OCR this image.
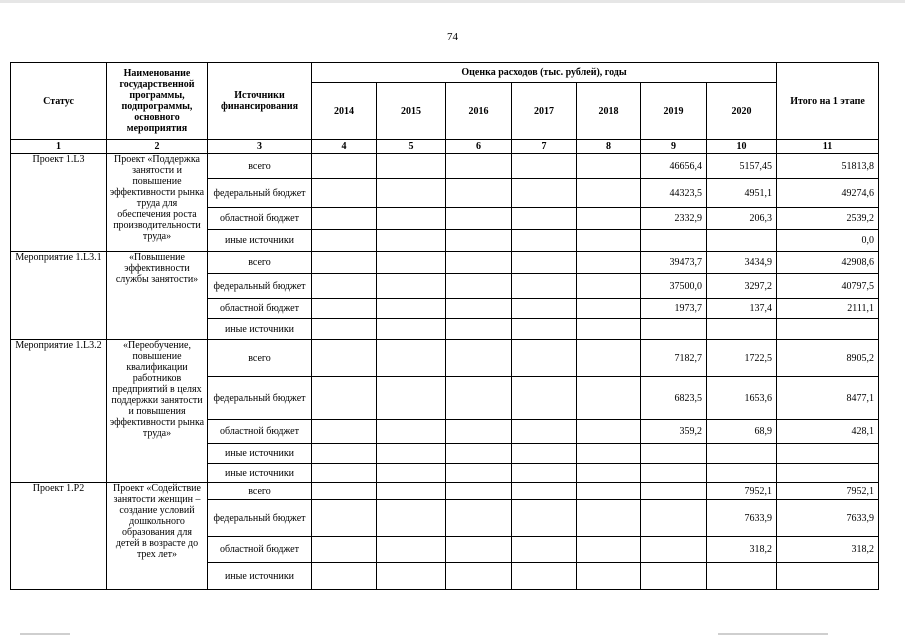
74
Статус	Наименование государственной программы, подпрограммы, основного мероприятия	Источники финансирования	Оценка расходов (тыс. рублей), годы							Итого на 1 этапе
			2014	2015	2016	2017	2018	2019	2020	
1	2	3	4	5	6	7	8	9	10	11
Проект 1.L3	Проект «Поддержка занятости и повышение эффективности рынка труда для обеспечения роста производительности труда»	всего						46656,4	5157,45	51813,8
		федеральный бюджет						44323,5	4951,1	49274,6
		областной бюджет						2332,9	206,3	2539,2
		иные источники								0,0
Мероприятие 1.L3.1	«Повышение эффективности службы занятости»	всего						39473,7	3434,9	42908,6
		федеральный бюджет						37500,0	3297,2	40797,5
		областной бюджет						1973,7	137,4	2111,1
		иные источники								
Мероприятие 1.L3.2	«Переобучение, повышение квалификации работников предприятий в целях поддержки занятости и повышения эффективности рынка труда»	всего						7182,7	1722,5	8905,2
		федеральный бюджет						6823,5	1653,6	8477,1
		областной бюджет						359,2	68,9	428,1
		иные источники								
		иные источники								
Проект 1.P2	Проект «Содействие занятости женщин – создание условий дошкольного образования для детей в возрасте до трех лет»	всего							7952,1	7952,1
		федеральный бюджет							7633,9	7633,9
		областной бюджет							318,2	318,2
		иные источники								
